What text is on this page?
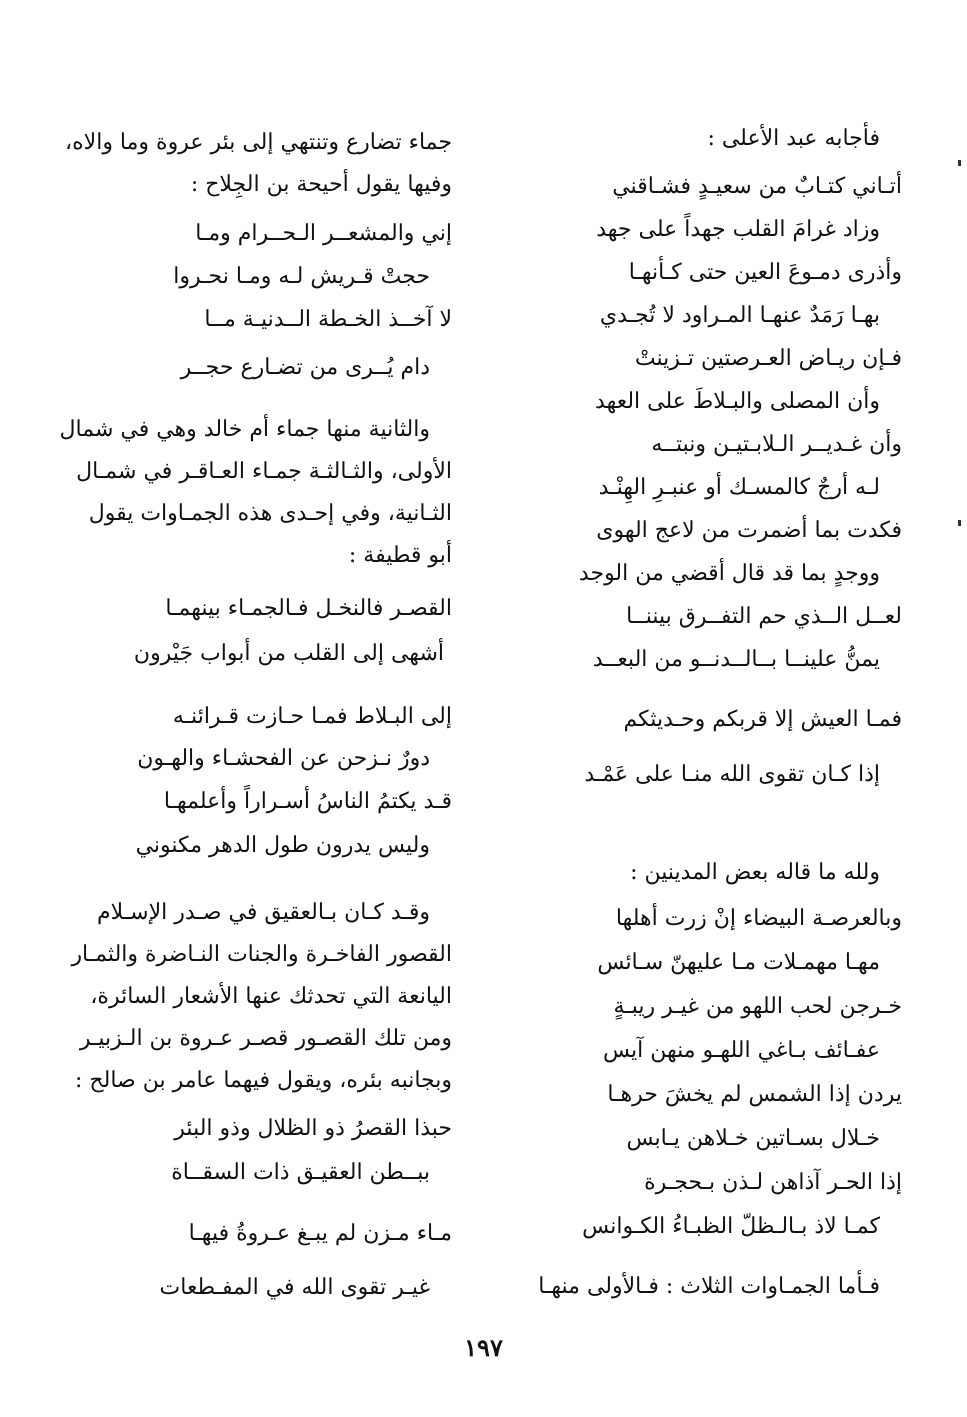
فأجابه عبد الأعلى :
أتـاني كتـابٌ من سعيـدٍ فشـاقني
وزاد غرامَ القلب جهداً على جهد
وأذرى دمـوعَ العين حتى كـأنهـا
بهـا رَمَدٌ عنهـا المـراود لا تُجـدي
فـإن ريـاض العـرصتين تـزينتْ
وأن المصلى والبـلاطَ على العهد
وأن غـديــر الـلابـتيـن ونبتــه
لـه أرجٌ كالمسـك أو عنبـرِ الهِنْـد
فكدت بما أضمرت من لاعج الهوى
ووجدٍ بما قد قال أقضي من الوجد
لعــل الــذي حم التفــرق بيننــا
يمنُّ علينــا بــالــدنــو من البعــد
فمـا العيش إلا قربكم وحـديثكم
إذا كـان تقوى الله منـا على عَمْـد
ولله ما قاله بعض المدينين :
وبالعرصـة البيضاء إنْ زرت أهلها
مهـا مهمـلات مـا عليهنّ سـائس
خـرجن لحب اللهو من غيـر ريبـةٍ
عفـائف بـاغي اللهـو منهن آيس
يردن إذا الشمس لم يخشَ حرهـا
خـلال بسـاتين خـلاهن يـابس
إذا الحـر آذاهن لـذن بـحجـرة
كمـا لاذ بـالـظلّ الظبـاءُ الكـوانس
فـأما الجمـاوات الثلاث : فـالأولى منهـا
جماء تضارع وتنتهي إلى بئر عروة وما والاه،
وفيها يقول أحيحة بن الجِلاح :
إني والمشعــر الـحــرام ومـا
حجتْ قـريش لـه ومـا نحـروا
لا آخــذ الخـطة الــدنيـة مــا
دام يُــرى من تضـارع حجــر
والثانية منها جماء أم خالد وهي في شمال
الأولى، والثـالثـة جمـاء العـاقـر في شمـال
الثـانية، وفي إحـدى هذه الجمـاوات يقول
أبو قطيفة :
القصـر فالنخـل فـالجمـاء بينهمـا
أشهى إلى القلب من أبواب جَيْرون
إلى البـلاط فمـا حـازت قـرائنـه
دورٌ نـزحن عن الفحشـاء والهـون
قـد يكتمُ الناسُ أسـراراً وأعلمهـا
وليس يدرون طول الدهر مكنوني
وقـد كـان بـالعقيق في صـدر الإسـلام
القصور الفاخـرة والجنات النـاضرة والثمـار
اليانعة التي تحدثك عنها الأشعار السائرة،
ومن تلك القصـور قصـر عـروة بن الـزبيـر
وبجانبه بئره، ويقول فيهما عامر بن صالح :
حبذا القصرُ ذو الظلال وذو البئر
ببــطن العقيـق ذات السقــاة
مـاء مـزن لم يبـغ عـروةُ فيهـا
غيـر تقوى الله في المفـطعات
١٩٧
